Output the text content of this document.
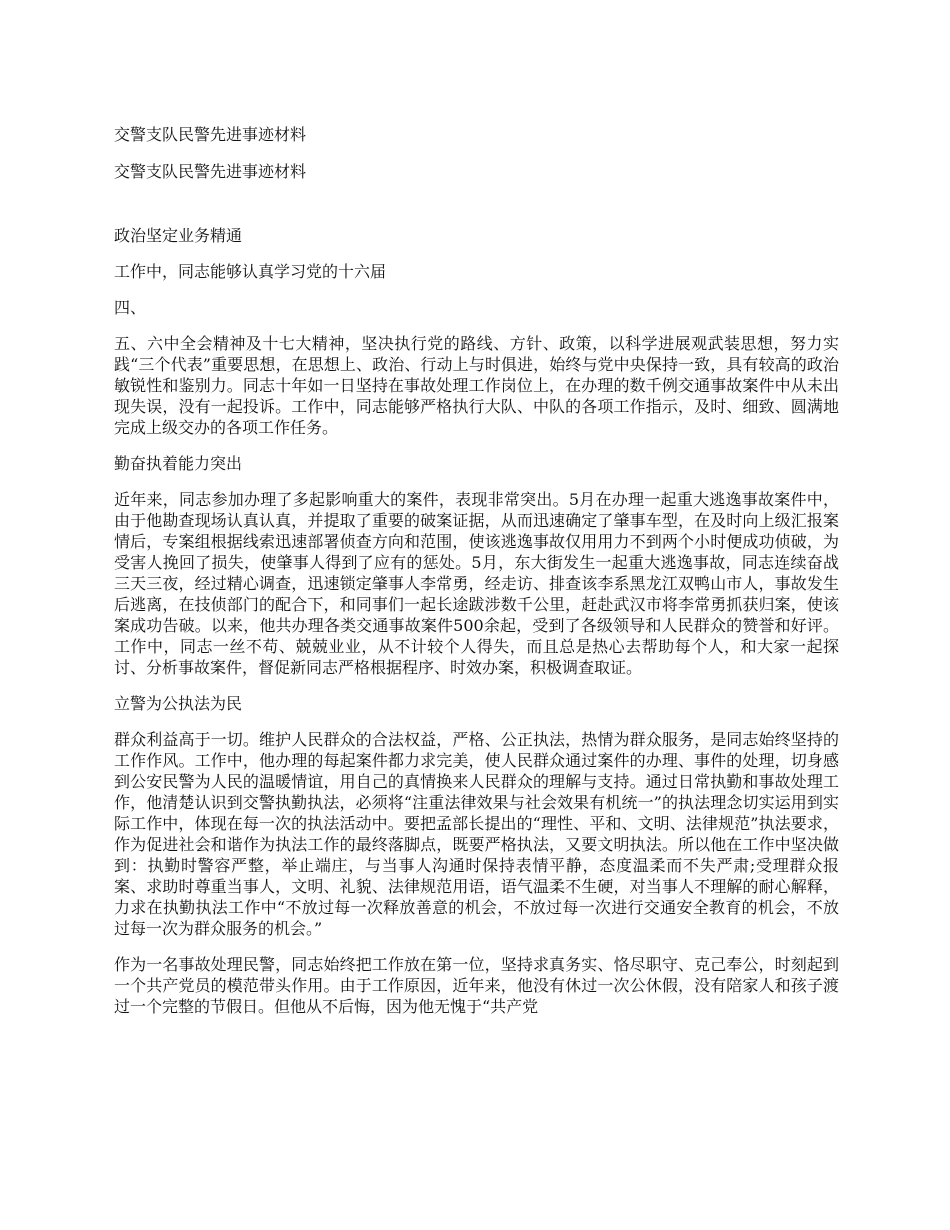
交警支队民警先进事迹材料

交警支队民警先进事迹材料

政治坚定业务精通

工作中，同志能够认真学习党的十六届

四、

五、六中全会精神及十七大精神，坚决执行党的路线、方针、政策，以科学进展观武装思想，努力实践“三个代表”重要思想，在思想上、政治、行动上与时俱进，始终与党中央保持一致，具有较高的政治敏锐性和鉴别力。同志十年如一日坚持在事故处理工作岗位上，在办理的数千例交通事故案件中从未出现失误，没有一起投诉。工作中，同志能够严格执行大队、中队的各项工作指示，及时、细致、圆满地完成上级交办的各项工作任务。

勤奋执着能力突出

近年来，同志参加办理了多起影响重大的案件，表现非常突出。5月在办理一起重大逃逸事故案件中，由于他勘查现场认真认真，并提取了重要的破案证据，从而迅速确定了肇事车型，在及时向上级汇报案情后，专案组根据线索迅速部署侦查方向和范围，使该逃逸事故仅用用力不到两个小时便成功侦破，为受害人挽回了损失，使肇事人得到了应有的惩处。5月，东大街发生一起重大逃逸事故，同志连续奋战三天三夜，经过精心调查，迅速锁定肇事人李常勇，经走访、排查该李系黑龙江双鸭山市人，事故发生后逃离，在技侦部门的配合下，和同事们一起长途跋涉数千公里，赶赴武汉市将李常勇抓获归案，使该案成功告破。以来，他共办理各类交通事故案件500余起，受到了各级领导和人民群众的赞誉和好评。工作中，同志一丝不苟、兢兢业业，从不计较个人得失，而且总是热心去帮助每个人，和大家一起探讨、分析事故案件，督促新同志严格根据程序、时效办案，积极调查取证。

立警为公执法为民

群众利益高于一切。维护人民群众的合法权益，严格、公正执法，热情为群众服务，是同志始终坚持的工作作风。工作中，他办理的每起案件都力求完美，使人民群众通过案件的办理、事件的处理，切身感到公安民警为人民的温暖情谊，用自己的真情换来人民群众的理解与支持。通过日常执勤和事故处理工作，他清楚认识到交警执勤执法，必须将“注重法律效果与社会效果有机统一”的执法理念切实运用到实际工作中，体现在每一次的执法活动中。要把孟部长提出的“理性、平和、文明、法律规范”执法要求，作为促进社会和谐作为执法工作的最终落脚点，既要严格执法，又要文明执法。所以他在工作中坚决做到：执勤时警容严整，举止端庄，与当事人沟通时保持表情平静，态度温柔而不失严肃;受理群众报案、求助时尊重当事人，文明、礼貌、法律规范用语，语气温柔不生硬，对当事人不理解的耐心解释，力求在执勤执法工作中“不放过每一次释放善意的机会，不放过每一次进行交通安全教育的机会，不放过每一次为群众服务的机会。”

作为一名事故处理民警，同志始终把工作放在第一位，坚持求真务实、恪尽职守、克己奉公，时刻起到一个共产党员的模范带头作用。由于工作原因，近年来，他没有休过一次公休假，没有陪家人和孩子渡过一个完整的节假日。但他从不后悔，因为他无愧于“共产党
